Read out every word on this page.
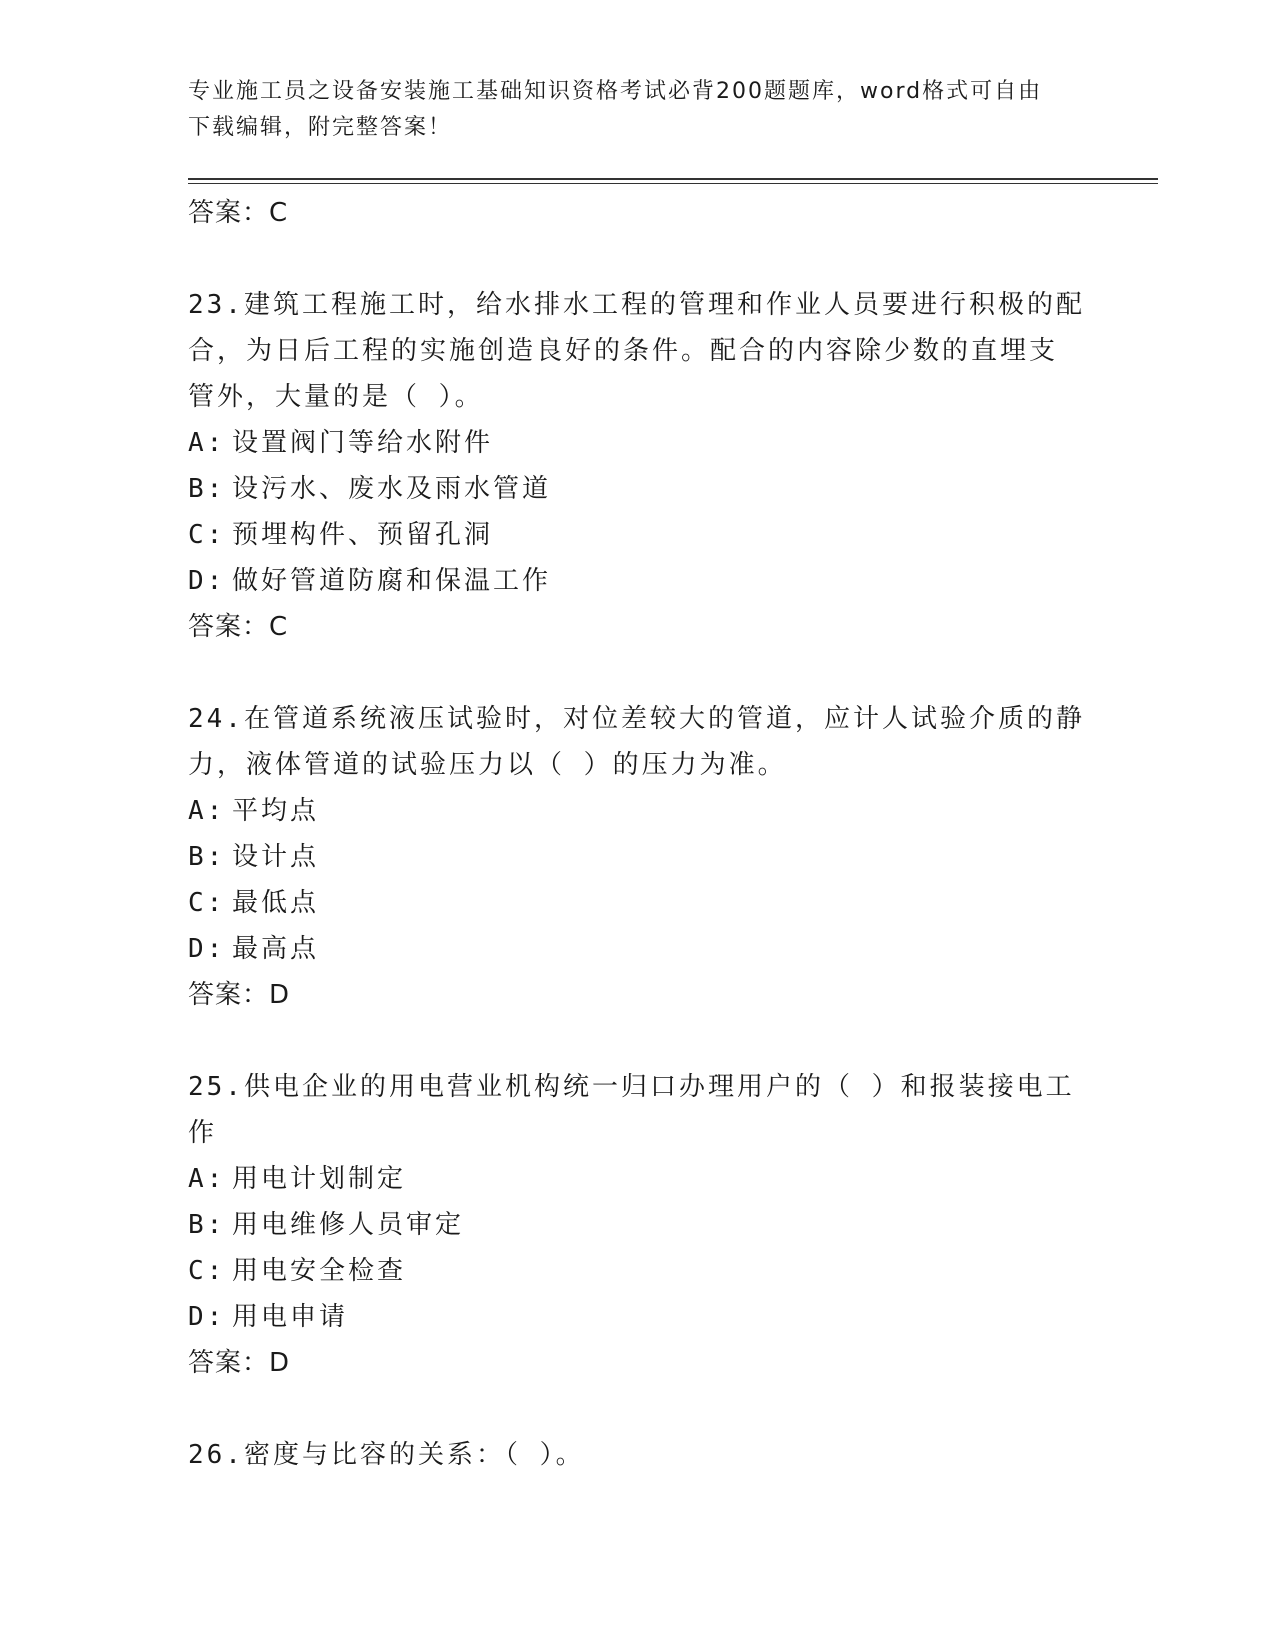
专业施工员之设备安装施工基础知识资格考试必背200题题库，word格式可自由
下载编辑，附完整答案！
答案：C
23.建筑工程施工时，给水排水工程的管理和作业人员要进行积极的配
合，为日后工程的实施创造良好的条件。配合的内容除少数的直埋支
管外，大量的是（ ）。
A: 设置阀门等给水附件
B: 设污水、废水及雨水管道
C: 预埋构件、预留孔洞
D: 做好管道防腐和保温工作
答案：C
24.在管道系统液压试验时，对位差较大的管道，应计人试验介质的静
力，液体管道的试验压力以（ ）的压力为准。
A: 平均点
B: 设计点
C: 最低点
D: 最高点
答案：D
25.供电企业的用电营业机构统一归口办理用户的（ ）和报装接电工
作
A: 用电计划制定
B: 用电维修人员审定
C: 用电安全检查
D: 用电申请
答案：D
26.密度与比容的关系：（ ）。
